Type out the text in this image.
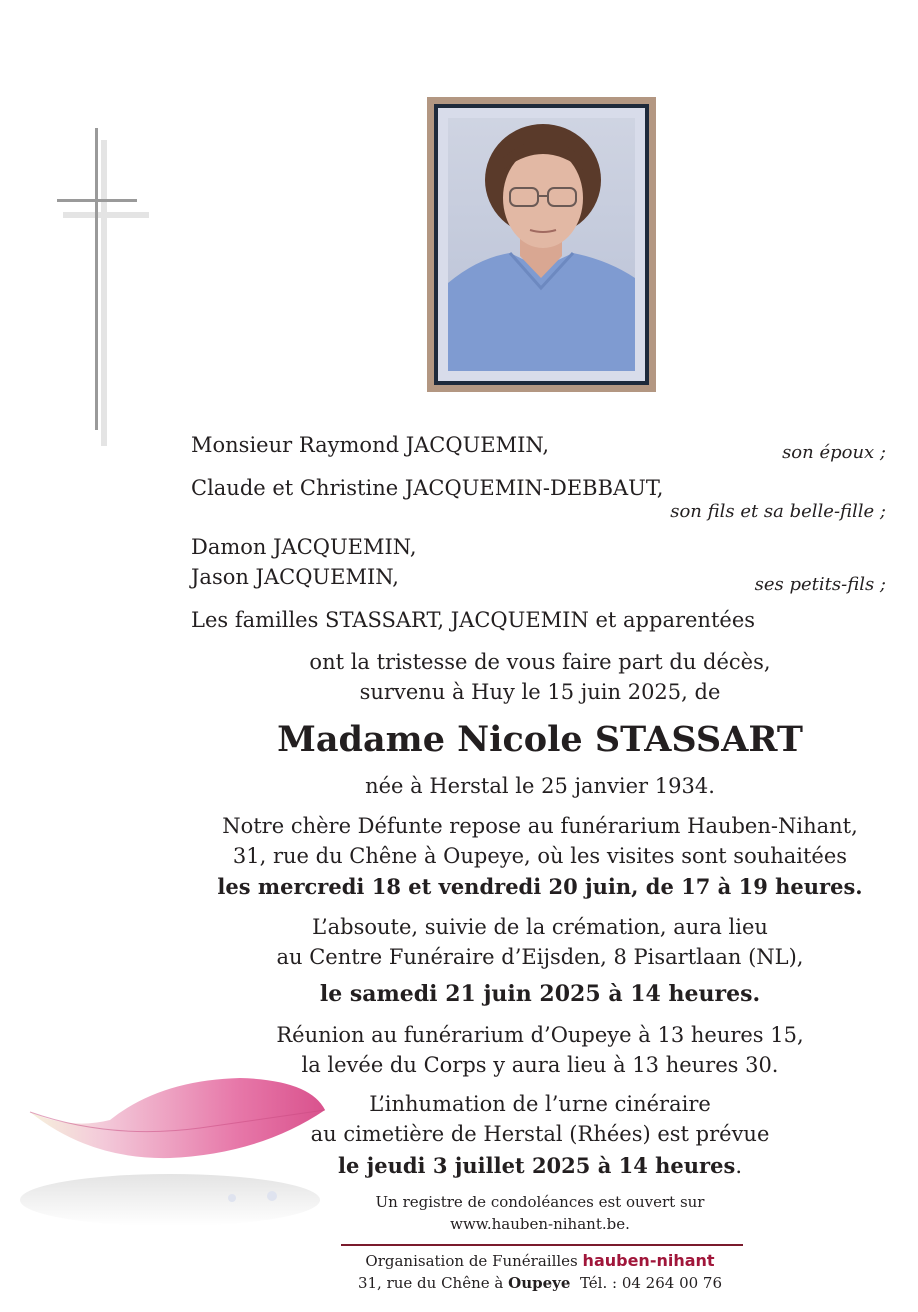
Monsieur Raymond JACQUEMIN,	son époux ;
Claude et Christine JACQUEMIN-DEBBAUT,
son fils et sa belle-fille ;
Damon JACQUEMIN,
Jason JACQUEMIN,	ses petits-fils ;
Les familles STASSART, JACQUEMIN et apparentées
ont la tristesse de vous faire part du décès,
survenu à Huy le 15 juin 2025, de
Madame Nicole STASSART
née à Herstal le 25 janvier 1934.
Notre chère Défunte repose au funérarium Hauben-Nihant,
31, rue du Chêne à Oupeye, où les visites sont souhaitées
les mercredi 18 et vendredi 20 juin, de 17 à 19 heures.
L’absoute, suivie de la crémation, aura lieu
au Centre Funéraire d’Eijsden, 8 Pisartlaan (NL),
le samedi 21 juin 2025 à 14 heures.
Réunion au funérarium d’Oupeye à 13 heures 15,
la levée du Corps y aura lieu à 13 heures 30.
L’inhumation de l’urne cinéraire
au cimetière de Herstal (Rhées) est prévue
le jeudi 3 juillet 2025 à 14 heures.
Un registre de condoléances est ouvert sur
www.hauben-nihant.be.
Organisation de Funérailles hauben-nihant
31, rue du Chêne à Oupeye Tél. : 04 264 00 76
